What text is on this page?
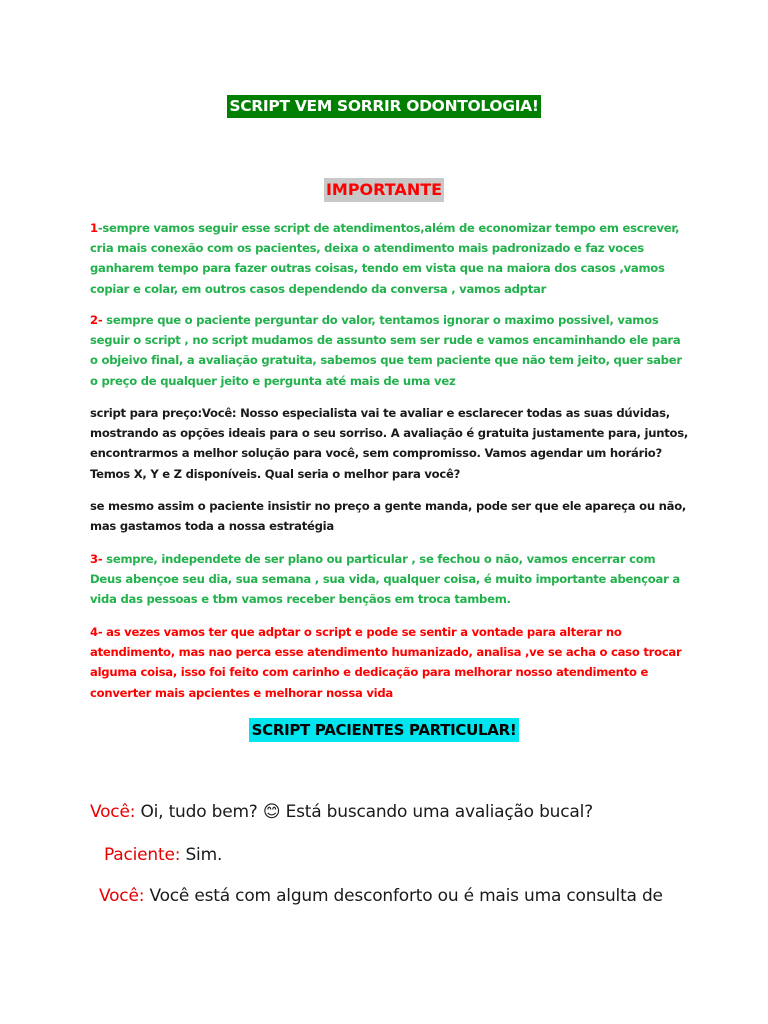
SCRIPT VEM SORRIR ODONTOLOGIA!
IMPORTANTE

1-sempre vamos seguir esse script de atendimentos,além de economizar tempo em escrever, cria mais conexão com os pacientes, deixa o atendimento mais padronizado e faz voces ganharem tempo para fazer outras coisas, tendo em vista que na maiora dos casos ,vamos copiar e colar, em outros casos dependendo da conversa , vamos adptar

2- sempre que o paciente perguntar do valor, tentamos ignorar o maximo possivel, vamos seguir o script , no script mudamos de assunto sem ser rude e vamos encaminhando ele para o objeivo final, a avaliação gratuita, sabemos que tem paciente que não tem jeito, quer saber o preço de qualquer jeito e pergunta até mais de uma vez

script para preço:Você: Nosso especialista vai te avaliar e esclarecer todas as suas dúvidas, mostrando as opções ideais para o seu sorriso. A avaliação é gratuita justamente para, juntos, encontrarmos a melhor solução para você, sem compromisso. Vamos agendar um horário? Temos X, Y e Z disponíveis. Qual seria o melhor para você?

se mesmo assim o paciente insistir no preço a gente manda, pode ser que ele apareça ou não, mas gastamos toda a nossa estratégia

3- sempre, independete de ser plano ou particular , se fechou o não, vamos encerrar com Deus abençoe seu dia, sua semana , sua vida, qualquer coisa, é muito importante abençoar a vida das pessoas e tbm vamos receber bençãos em troca tambem.

4- as vezes vamos ter que adptar o script e pode se sentir a vontade para alterar no atendimento, mas nao perca esse atendimento humanizado, analisa ,ve se acha o caso trocar alguma coisa, isso foi feito com carinho e dedicação para melhorar nosso atendimento e converter mais apcientes e melhorar nossa vida

SCRIPT PACIENTES PARTICULAR!
Você: Oi, tudo bem? 😊 Está buscando uma avaliação bucal?
Paciente: Sim.
Você: Você está com algum desconforto ou é mais uma consulta de
